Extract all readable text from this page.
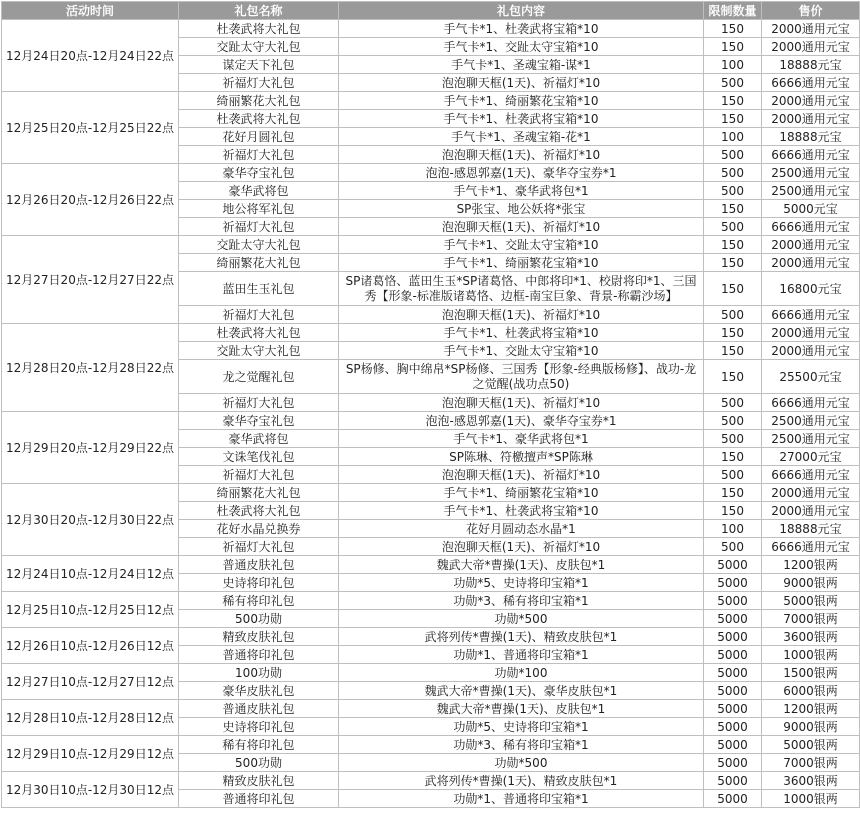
活动时间	礼包名称	礼包内容	限制数量	售价
12月24日20点-12月24日22点	杜袭武将大礼包	手气卡*1、杜袭武将宝箱*10	150	2000通用元宝
	交趾太守大礼包	手气卡*1、交趾太守宝箱*10	150	2000通用元宝
	谋定天下礼包	手气卡*1、圣魂宝箱-谋*1	100	18888元宝
	祈福灯大礼包	泡泡聊天框(1天)、祈福灯*10	500	6666通用元宝
12月25日20点-12月25日22点	绮丽繁花大礼包	手气卡*1、绮丽繁花宝箱*10	150	2000通用元宝
	杜袭武将大礼包	手气卡*1、杜袭武将宝箱*10	150	2000通用元宝
	花好月圆礼包	手气卡*1、圣魂宝箱-花*1	100	18888元宝
	祈福灯大礼包	泡泡聊天框(1天)、祈福灯*10	500	6666通用元宝
12月26日20点-12月26日22点	豪华夺宝礼包	泡泡-感恩郭嘉(1天)、豪华夺宝券*1	500	2500通用元宝
	豪华武将包	手气卡*1、豪华武将包*1	500	2500通用元宝
	地公将军礼包	SP张宝、地公妖将*张宝	150	5000元宝
	祈福灯大礼包	泡泡聊天框(1天)、祈福灯*10	500	6666通用元宝
12月27日20点-12月27日22点	交趾太守大礼包	手气卡*1、交趾太守宝箱*10	150	2000通用元宝
	绮丽繁花大礼包	手气卡*1、绮丽繁花宝箱*10	150	2000通用元宝
	蓝田生玉礼包	SP诸葛恪、蓝田生玉*SP诸葛恪、中郎将印*1、校尉将印*1、三国秀【形象-标准版诸葛恪、边框-南宝巨象、背景-称霸沙场】	150	16800元宝
	祈福灯大礼包	泡泡聊天框(1天)、祈福灯*10	500	6666通用元宝
12月28日20点-12月28日22点	杜袭武将大礼包	手气卡*1、杜袭武将宝箱*10	150	2000通用元宝
	交趾太守大礼包	手气卡*1、交趾太守宝箱*10	150	2000通用元宝
	龙之觉醒礼包	SP杨修、胸中绵帛*SP杨修、三国秀【形象-经典版杨修】、战功-龙之觉醒(战功点50)	150	25500元宝
	祈福灯大礼包	泡泡聊天框(1天)、祈福灯*10	500	6666通用元宝
12月29日20点-12月29日22点	豪华夺宝礼包	泡泡-感恩郭嘉(1天)、豪华夺宝券*1	500	2500通用元宝
	豪华武将包	手气卡*1、豪华武将包*1	500	2500通用元宝
	文诛笔伐礼包	SP陈琳、符檄擅声*SP陈琳	150	27000元宝
	祈福灯大礼包	泡泡聊天框(1天)、祈福灯*10	500	6666通用元宝
12月30日20点-12月30日22点	绮丽繁花大礼包	手气卡*1、绮丽繁花宝箱*10	150	2000通用元宝
	杜袭武将大礼包	手气卡*1、杜袭武将宝箱*10	150	2000通用元宝
	花好水晶兑换券	花好月圆动态水晶*1	100	18888元宝
	祈福灯大礼包	泡泡聊天框(1天)、祈福灯*10	500	6666通用元宝
12月24日10点-12月24日12点	普通皮肤礼包	魏武大帝*曹操(1天)、皮肤包*1	5000	1200银两
	史诗将印礼包	功勋*5、史诗将印宝箱*1	5000	9000银两
12月25日10点-12月25日12点	稀有将印礼包	功勋*3、稀有将印宝箱*1	5000	5000银两
	500功勋	功勋*500	5000	7000银两
12月26日10点-12月26日12点	精致皮肤礼包	武将列传*曹操(1天)、精致皮肤包*1	5000	3600银两
	普通将印礼包	功勋*1、普通将印宝箱*1	5000	1000银两
12月27日10点-12月27日12点	100功勋	功勋*100	5000	1500银两
	豪华皮肤礼包	魏武大帝*曹操(1天)、豪华皮肤包*1	5000	6000银两
12月28日10点-12月28日12点	普通皮肤礼包	魏武大帝*曹操(1天)、皮肤包*1	5000	1200银两
	史诗将印礼包	功勋*5、史诗将印宝箱*1	5000	9000银两
12月29日10点-12月29日12点	稀有将印礼包	功勋*3、稀有将印宝箱*1	5000	5000银两
	500功勋	功勋*500	5000	7000银两
12月30日10点-12月30日12点	精致皮肤礼包	武将列传*曹操(1天)、精致皮肤包*1	5000	3600银两
	普通将印礼包	功勋*1、普通将印宝箱*1	5000	1000银两
